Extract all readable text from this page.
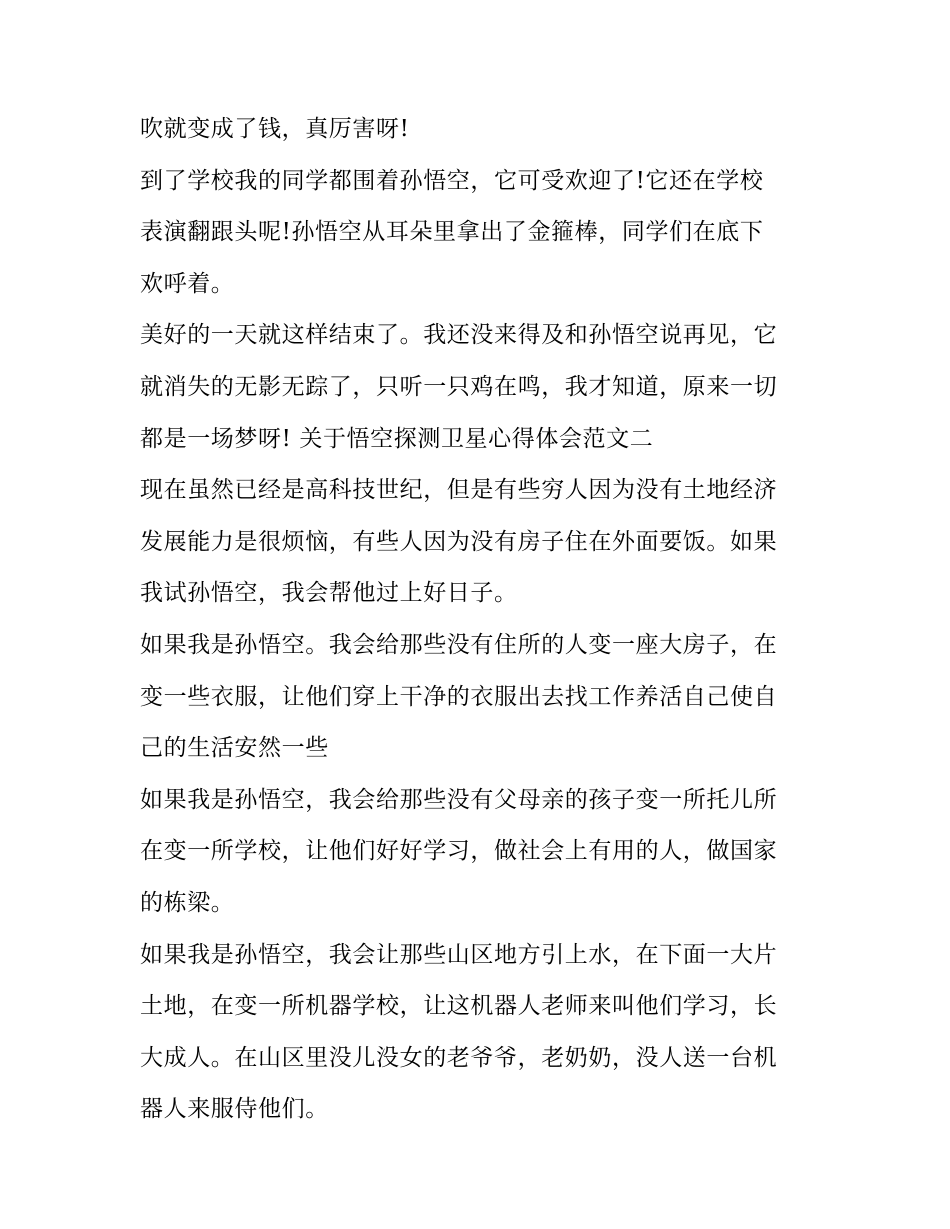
吹就变成了钱，真厉害呀!
到了学校我的同学都围着孙悟空，它可受欢迎了!它还在学校
表演翻跟头呢!孙悟空从耳朵里拿出了金箍棒，同学们在底下
欢呼着。
美好的一天就这样结束了。我还没来得及和孙悟空说再见，它
就消失的无影无踪了，只听一只鸡在鸣，我才知道，原来一切
都是一场梦呀! 关于悟空探测卫星心得体会范文二
现在虽然已经是高科技世纪，但是有些穷人因为没有土地经济
发展能力是很烦恼，有些人因为没有房子住在外面要饭。如果
我试孙悟空，我会帮他过上好日子。
如果我是孙悟空。我会给那些没有住所的人变一座大房子，在
变一些衣服，让他们穿上干净的衣服出去找工作养活自己使自
己的生活安然一些
如果我是孙悟空，我会给那些没有父母亲的孩子变一所托儿所
在变一所学校，让他们好好学习，做社会上有用的人，做国家
的栋梁。
如果我是孙悟空，我会让那些山区地方引上水，在下面一大片
土地，在变一所机器学校，让这机器人老师来叫他们学习，长
大成人。在山区里没儿没女的老爷爷，老奶奶，没人送一台机
器人来服侍他们。
